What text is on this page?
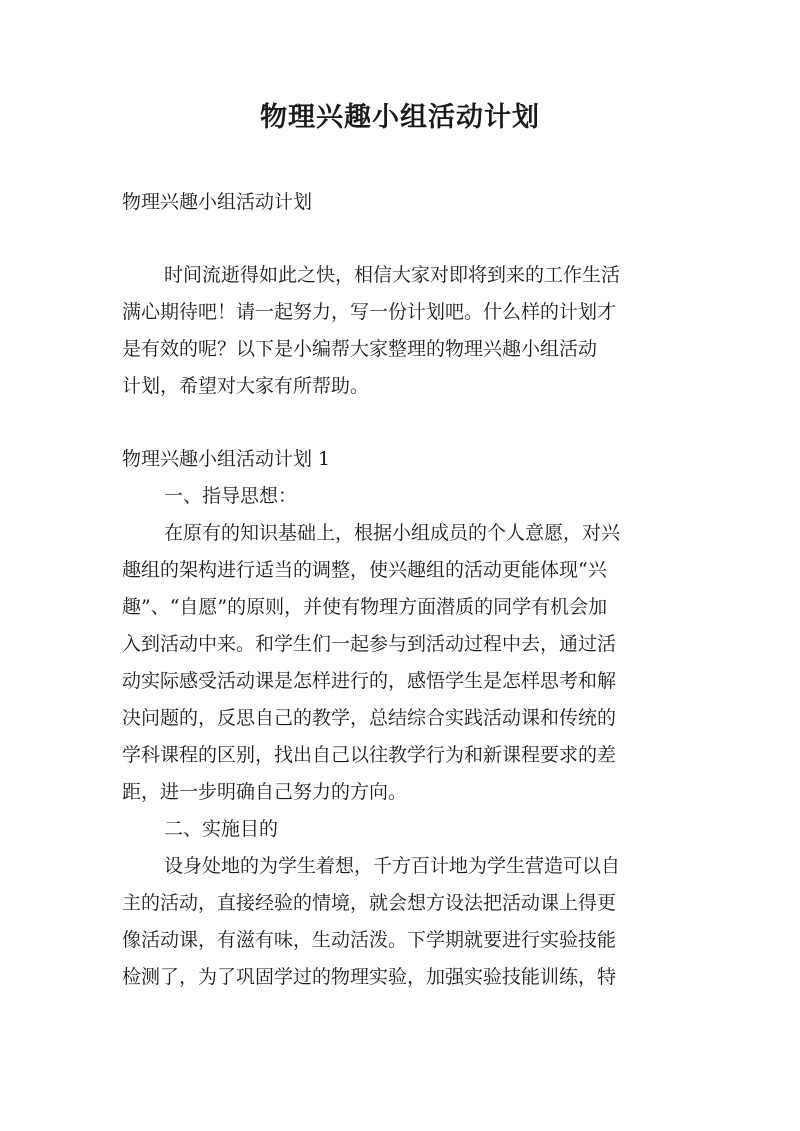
物理兴趣小组活动计划

物理兴趣小组活动计划

时间流逝得如此之快，相信大家对即将到来的工作生活

满心期待吧！请一起努力，写一份计划吧。什么样的计划才

是有效的呢？以下是小编帮大家整理的物理兴趣小组活动

计划，希望对大家有所帮助。

物理兴趣小组活动计划 1

一、指导思想：

在原有的知识基础上，根据小组成员的个人意愿，对兴

趣组的架构进行适当的调整，使兴趣组的活动更能体现“兴

趣”、“自愿”的原则，并使有物理方面潜质的同学有机会加

入到活动中来。和学生们一起参与到活动过程中去，通过活

动实际感受活动课是怎样进行的，感悟学生是怎样思考和解

决问题的，反思自己的教学，总结综合实践活动课和传统的

学科课程的区别，找出自己以往教学行为和新课程要求的差

距，进一步明确自己努力的方向。

二、实施目的

设身处地的为学生着想，千方百计地为学生营造可以自

主的活动，直接经验的情境，就会想方设法把活动课上得更

像活动课，有滋有味，生动活泼。下学期就要进行实验技能

检测了，为了巩固学过的物理实验，加强实验技能训练，特
